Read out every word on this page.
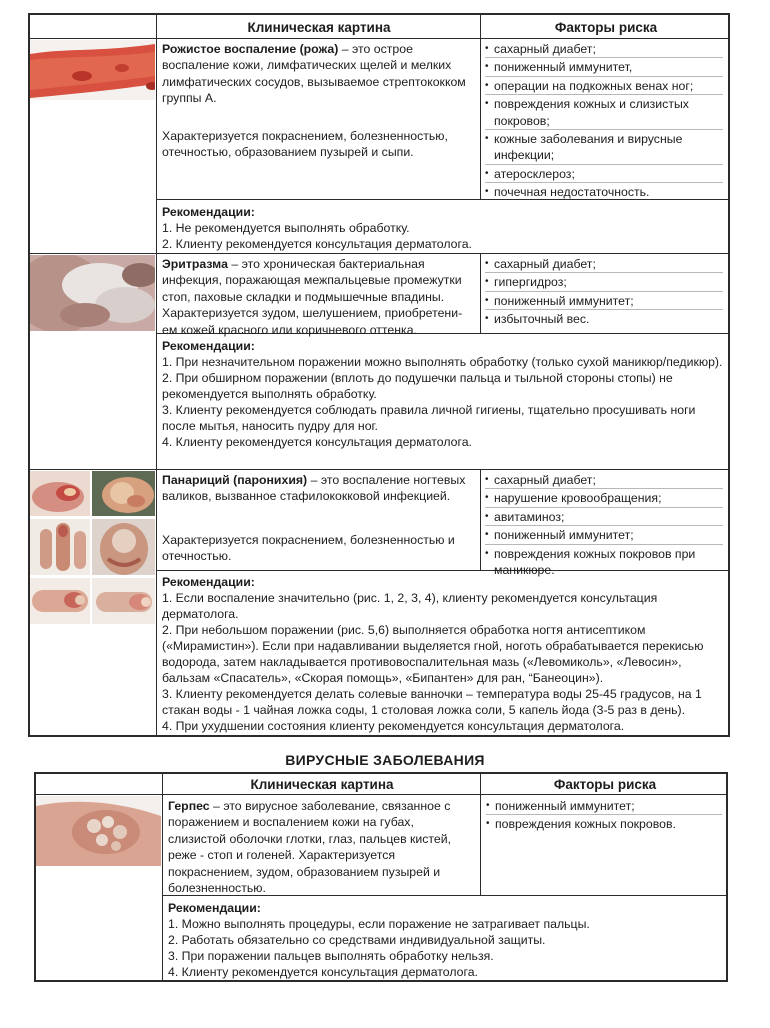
Клиническая картина	Факторы риска

Рожистое воспаление (рожа) – это острое воспаление кожи, лимфатических щелей и мелких лимфатических сосудов, вызываемое стрептококком группы А.

Характеризуется покраснением, болезненностью, отечностью, образованием пузырей и сыпи.

• сахарный диабет;
• пониженный иммунитет,
• операции на подкожных венах ног;
• повреждения кожных и слизистых покровов;
• кожные заболевания и вирусные инфекции;
• атеросклероз;
• почечная недостаточность.
Рекомендации:
1. Не рекомендуется выполнять обработку.
2. Клиенту рекомендуется консультация дерматолога.

Эритразма – это хроническая бактериальная инфекция, поражающая межпальцевые промежутки стоп, паховые складки и подмышечные впадины. Характеризуется зудом, шелушением, приобретени-ем кожей красного или коричневого оттенка.

• сахарный диабет;
• гипергидроз;
• пониженный иммунитет;
• избыточный вес.
Рекомендации:
1. При незначительном поражении можно выполнять обработку (только сухой маникюр/педикюр).
2. При обширном поражении (вплоть до подушечки пальца и тыльной стороны стопы) не рекомендуется выполнять обработку.
3. Клиенту рекомендуется соблюдать правила личной гигиены, тщательно просушивать ноги после мытья, наносить пудру для ног.
4. Клиенту рекомендуется консультация дерматолога.

Панариций (паронихия) – это воспаление ногтевых валиков, вызванное стафилококковой инфекцией.

Характеризуется покраснением, болезненностью и отечностью.

• сахарный диабет;
• нарушение кровообращения;
• авитаминоз;
• пониженный иммунитет;
• повреждения кожных покровов при маникюре.
Рекомендации:
1. Если воспаление значительно (рис. 1, 2, 3, 4), клиенту рекомендуется консультация дерматолога.
2. При небольшом поражении (рис. 5,6) выполняется обработка ногтя антисептиком («Мирамистин»). Если при надавливании выделяется гной, ноготь обрабатывается перекисью водорода, затем накладывается противовоспалительная мазь («Левомиколь», «Левосин», бальзам «Спасатель», «Скорая помощь», «Бипантен» для ран, “Банеоцин»).
3. Клиенту рекомендуется делать солевые ванночки – температура воды 25-45 градусов, на 1 стакан воды - 1 чайная ложка соды, 1 столовая ложка соли, 5 капель йода (3-5 раз в день).
4. При ухудшении состояния клиенту рекомендуется консультация дерматолога.
ВИРУСНЫЕ ЗАБОЛЕВАНИЯ
Клиническая картина	Факторы риска

Герпес – это вирусное заболевание, связанное с поражением и воспалением кожи на губах, слизистой оболочки глотки, глаз, пальцев кистей, реже - стоп и голеней. Характеризуется покраснением, зудом, образованием пузырей и болезненностью.

• пониженный иммунитет;
• повреждения кожных покровов.
Рекомендации:
1. Можно выполнять процедуры, если поражение не затрагивает пальцы.
2. Работать обязательно со средствами индивидуальной защиты.
3. При поражении пальцев выполнять обработку нельзя.
4. Клиенту рекомендуется консультация дерматолога.
